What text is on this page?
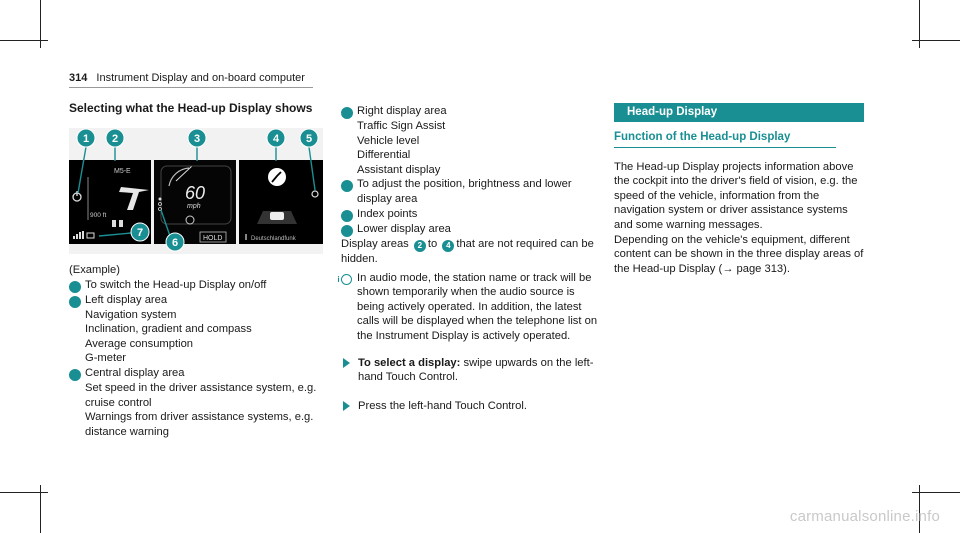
314 Instrument Display and on-board computer
Selecting what the Head-up Display shows
M5-E
900 ft
60
mph
HOLD	Deutschlandfunk
1 2	3	4 5
6
7
(Example)
1 To switch the Head-up Display on/off
2 Left display area
Navigation system
Inclination, gradient and compass
Average consumption
G-meter
3 Central display area
Set speed in the driver assistance system, e.g. cruise control
Warnings from driver assistance systems, e.g. distance warning
4 Right display area
Traffic Sign Assist
Vehicle level
Differential
Assistant display
5 To adjust the position, brightness and lower display area
6 Index points
7 Lower display area
Display areas 2 to 4 that are not required can be hidden.
i In audio mode, the station name or track will be shown temporarily when the audio source is being actively operated. In addition, the latest calls will be displayed when the telephone list on the Instrument Display is actively operated.
To select a display: swipe upwards on the left-hand Touch Control.
Press the left-hand Touch Control.
Head-up Display
Function of the Head-up Display
The Head-up Display projects information above the cockpit into the driver's field of vision, e.g. the speed of the vehicle, information from the navigation system or driver assistance systems and some warning messages.
Depending on the vehicle's equipment, different content can be shown in the three display areas of the Head-up Display (→ page 313).
carmanualsonline.info
